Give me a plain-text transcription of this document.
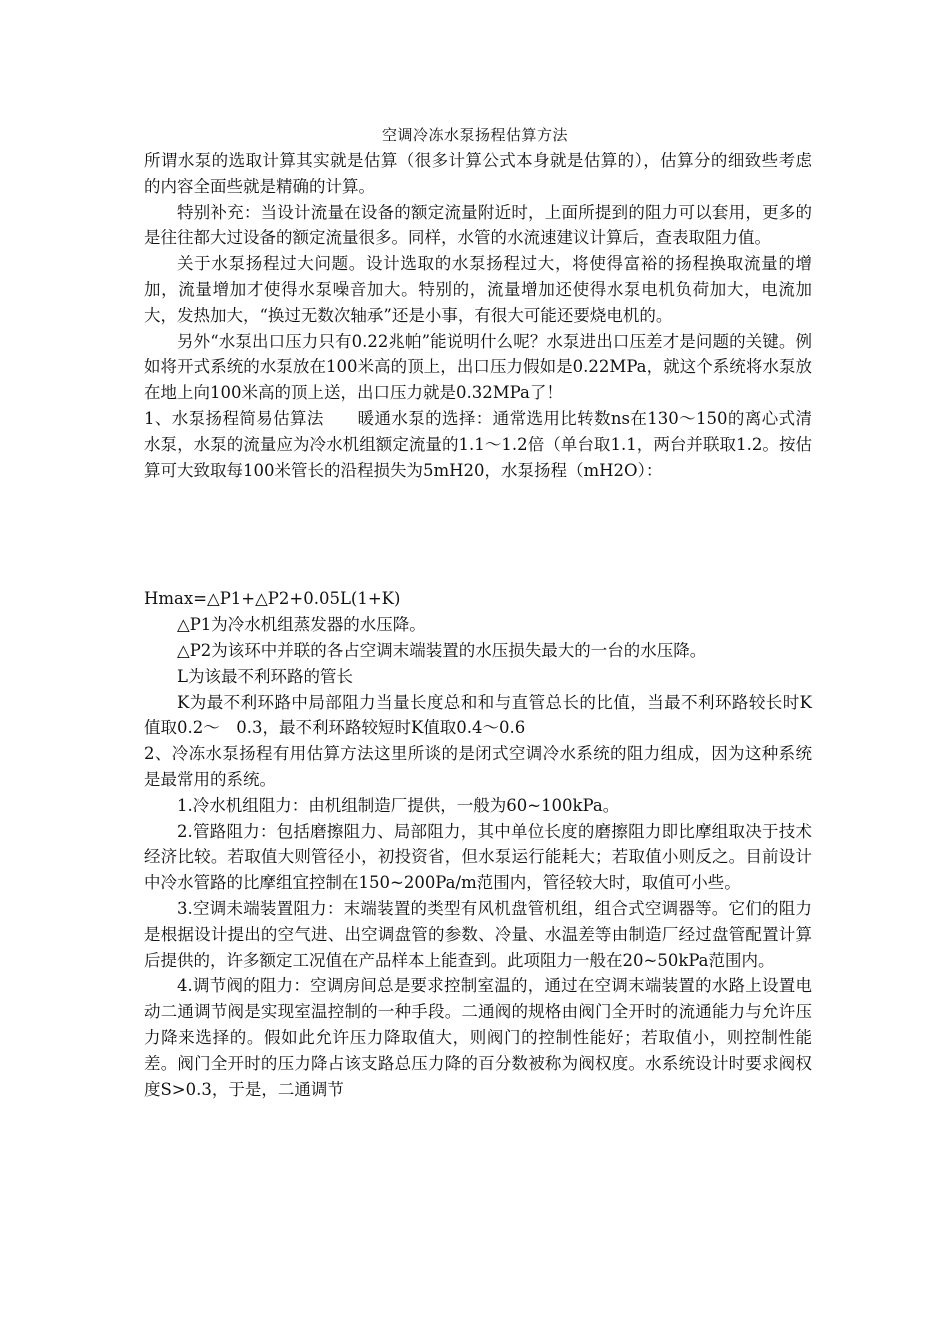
空调冷冻水泵扬程估算方法

所谓水泵的选取计算其实就是估算（很多计算公式本身就是估算的），估算分的细致些考虑的内容全面些就是精确的计算。

特别补充：当设计流量在设备的额定流量附近时，上面所提到的阻力可以套用，更多的是往往都大过设备的额定流量很多。同样，水管的水流速建议计算后，查表取阻力值。

关于水泵扬程过大问题。设计选取的水泵扬程过大，将使得富裕的扬程换取流量的增加，流量增加才使得水泵噪音加大。特别的，流量增加还使得水泵电机负荷加大，电流加大，发热加大，“换过无数次轴承”还是小事，有很大可能还要烧电机的。

另外“水泵出口压力只有0.22兆帕”能说明什么呢？水泵进出口压差才是问题的关键。例如将开式系统的水泵放在100米高的顶上，出口压力假如是0.22MPa，就这个系统将水泵放在地上向100米高的顶上送，出口压力就是0.32MPa了！

1、水泵扬程简易估算法　　暖通水泵的选择：通常选用比转数ns在130～150的离心式清水泵，水泵的流量应为冷水机组额定流量的1.1～1.2倍（单台取1.1，两台并联取1.2。按估算可大致取每100米管长的沿程损失为5mH20，水泵扬程（mH2O）：

Hmax=△P1+△P2+0.05L(1+K)

△P1为冷水机组蒸发器的水压降。

△P2为该环中并联的各占空调末端装置的水压损失最大的一台的水压降。

L为该最不利环路的管长

K为最不利环路中局部阻力当量长度总和和与直管总长的比值，当最不利环路较长时K值取0.2～　0.3，最不利环路较短时K值取0.4～0.6

2、冷冻水泵扬程有用估算方法这里所谈的是闭式空调冷水系统的阻力组成，因为这种系统是最常用的系统。

1.冷水机组阻力：由机组制造厂提供，一般为60~100kPa。

2.管路阻力：包括磨擦阻力、局部阻力，其中单位长度的磨擦阻力即比摩组取决于技术经济比较。若取值大则管径小，初投资省，但水泵运行能耗大；若取值小则反之。目前设计中冷水管路的比摩组宜控制在150~200Pa/m范围内，管径较大时，取值可小些。

3.空调未端装置阻力：末端装置的类型有风机盘管机组，组合式空调器等。它们的阻力是根据设计提出的空气进、出空调盘管的参数、冷量、水温差等由制造厂经过盘管配置计算后提供的，许多额定工况值在产品样本上能查到。此项阻力一般在20~50kPa范围内。

4.调节阀的阻力：空调房间总是要求控制室温的，通过在空调末端装置的水路上设置电动二通调节阀是实现室温控制的一种手段。二通阀的规格由阀门全开时的流通能力与允许压力降来选择的。假如此允许压力降取值大，则阀门的控制性能好；若取值小，则控制性能差。阀门全开时的压力降占该支路总压力降的百分数被称为阀权度。水系统设计时要求阀权度S>0.3，于是，二通调节
